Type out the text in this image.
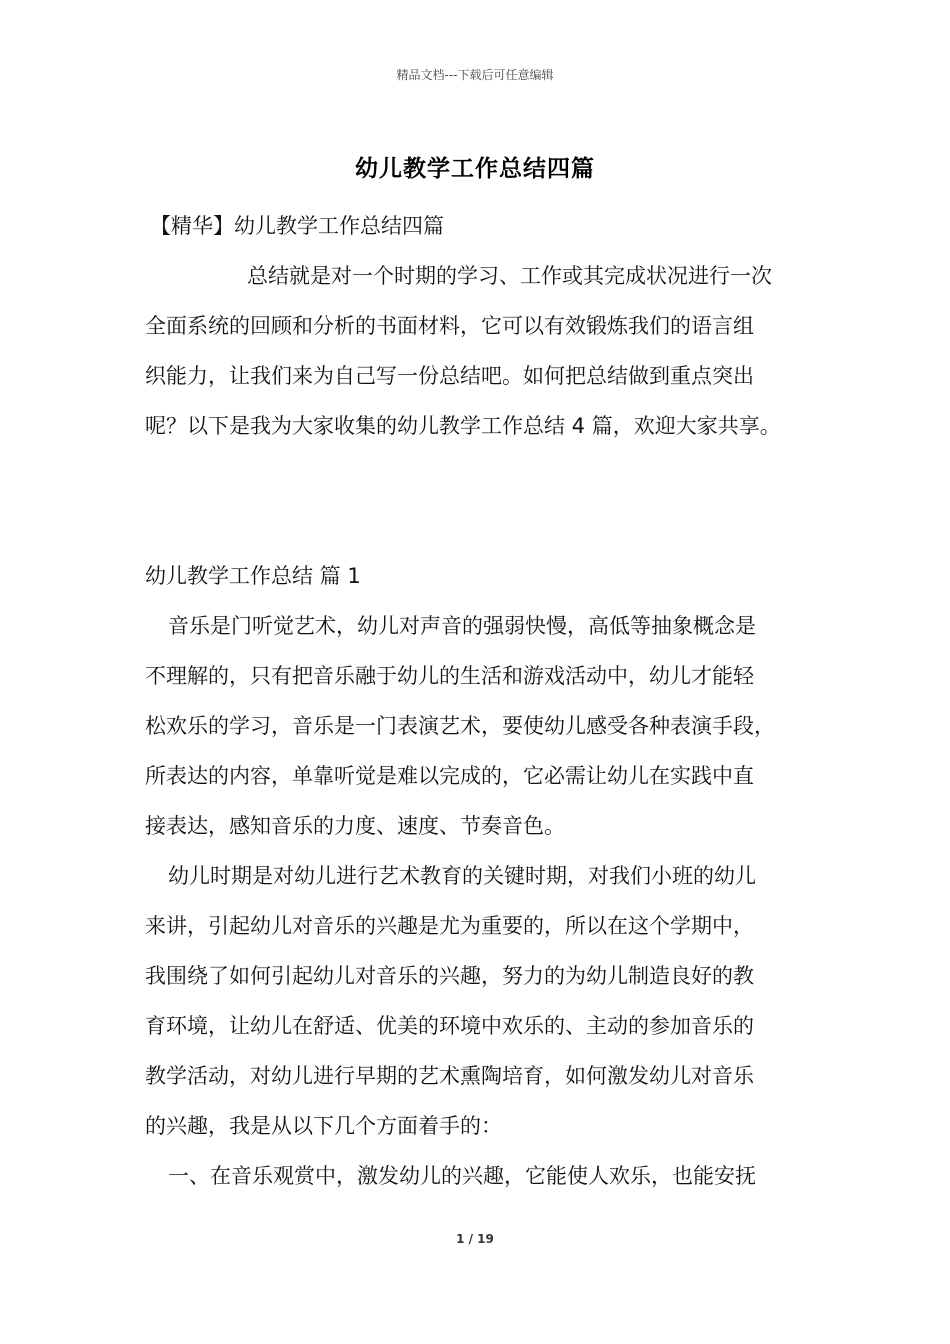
精品文档---下载后可任意编辑
幼儿教学工作总结四篇
【精华】幼儿教学工作总结四篇
总结就是对一个时期的学习、工作或其完成状况进行一次
全面系统的回顾和分析的书面材料，它可以有效锻炼我们的语言组
织能力，让我们来为自己写一份总结吧。如何把总结做到重点突出
呢？以下是我为大家收集的幼儿教学工作总结 4 篇，欢迎大家共享。
幼儿教学工作总结 篇 1
音乐是门听觉艺术，幼儿对声音的强弱快慢，高低等抽象概念是
不理解的，只有把音乐融于幼儿的生活和游戏活动中，幼儿才能轻
松欢乐的学习，音乐是一门表演艺术，要使幼儿感受各种表演手段，
所表达的内容，单靠听觉是难以完成的，它必需让幼儿在实践中直
接表达，感知音乐的力度、速度、节奏音色。
幼儿时期是对幼儿进行艺术教育的关键时期，对我们小班的幼儿
来讲，引起幼儿对音乐的兴趣是尤为重要的，所以在这个学期中，
我围绕了如何引起幼儿对音乐的兴趣，努力的为幼儿制造良好的教
育环境，让幼儿在舒适、优美的环境中欢乐的、主动的参加音乐的
教学活动，对幼儿进行早期的艺术熏陶培育，如何激发幼儿对音乐
的兴趣，我是从以下几个方面着手的：
一、在音乐观赏中，激发幼儿的兴趣，它能使人欢乐，也能安抚
1 / 19
